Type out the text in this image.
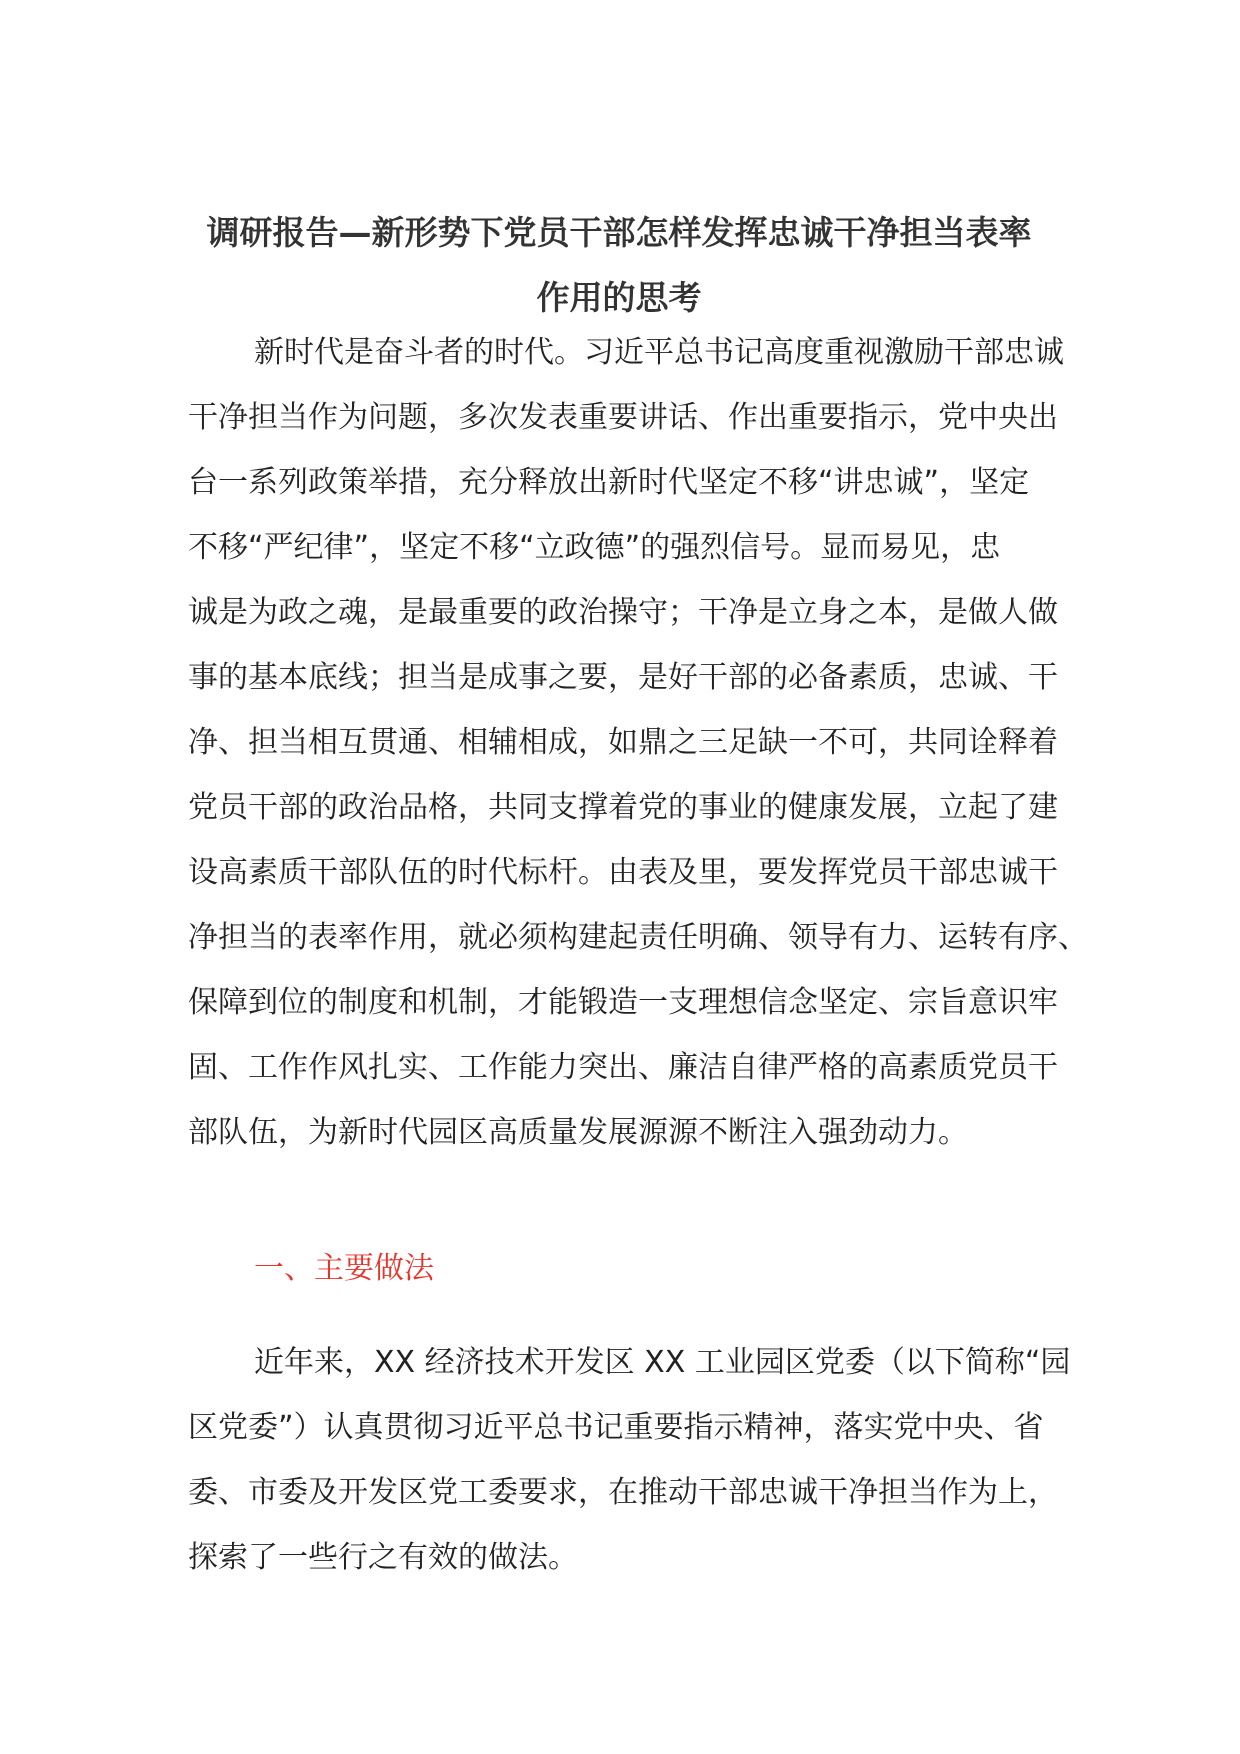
调研报告—新形势下党员干部怎样发挥忠诚干净担当表率
作用的思考
新时代是奋斗者的时代。习近平总书记高度重视激励干部忠诚
干净担当作为问题，多次发表重要讲话、作出重要指示，党中央出
台一系列政策举措，充分释放出新时代坚定不移“讲忠诚”，坚定
不移“严纪律”，坚定不移“立政德”的强烈信号。显而易见，忠
诚是为政之魂，是最重要的政治操守；干净是立身之本，是做人做
事的基本底线；担当是成事之要，是好干部的必备素质，忠诚、干
净、担当相互贯通、相辅相成，如鼎之三足缺一不可，共同诠释着
党员干部的政治品格，共同支撑着党的事业的健康发展，立起了建
设高素质干部队伍的时代标杆。由表及里，要发挥党员干部忠诚干
净担当的表率作用，就必须构建起责任明确、领导有力、运转有序、
保障到位的制度和机制，才能锻造一支理想信念坚定、宗旨意识牢
固、工作作风扎实、工作能力突出、廉洁自律严格的高素质党员干
部队伍，为新时代园区高质量发展源源不断注入强劲动力。
一、主要做法
近年来，XX 经济技术开发区 XX 工业园区党委（以下简称“园
区党委”）认真贯彻习近平总书记重要指示精神，落实党中央、省
委、市委及开发区党工委要求，在推动干部忠诚干净担当作为上，
探索了一些行之有效的做法。
